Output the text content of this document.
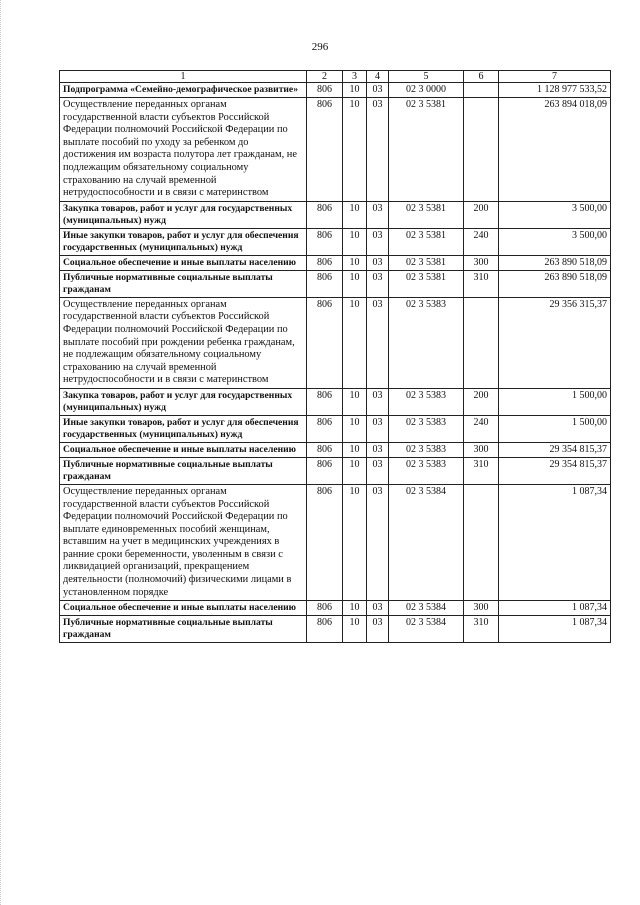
296
1	2	3	4	5	6	7
Подпрограмма «Семейно-демографическое развитие»	806	10	03	02 3 0000		1 128 977 533,52
Осуществление переданных органам государственной власти субъектов Российской Федерации полномочий Российской Федерации по выплате пособий по уходу за ребенком до достижения им возраста полутора лет гражданам, не подлежащим обязательному социальному страхованию на случай временной нетрудоспособности и в связи с материнством	806	10	03	02 3 5381		263 894 018,09
Закупка товаров, работ и услуг для государственных (муниципальных) нужд	806	10	03	02 3 5381	200	3 500,00
Иные закупки товаров, работ и услуг для обеспечения государственных (муниципальных) нужд	806	10	03	02 3 5381	240	3 500,00
Социальное обеспечение и иные выплаты населению	806	10	03	02 3 5381	300	263 890 518,09
Публичные нормативные социальные выплаты гражданам	806	10	03	02 3 5381	310	263 890 518,09
Осуществление переданных органам государственной власти субъектов Российской Федерации полномочий Российской Федерации по выплате пособий при рождении ребенка гражданам, не подлежащим обязательному социальному страхованию на случай временной нетрудоспособности и в связи с материнством	806	10	03	02 3 5383		29 356 315,37
Закупка товаров, работ и услуг для государственных (муниципальных) нужд	806	10	03	02 3 5383	200	1 500,00
Иные закупки товаров, работ и услуг для обеспечения государственных (муниципальных) нужд	806	10	03	02 3 5383	240	1 500,00
Социальное обеспечение и иные выплаты населению	806	10	03	02 3 5383	300	29 354 815,37
Публичные нормативные социальные выплаты гражданам	806	10	03	02 3 5383	310	29 354 815,37
Осуществление переданных органам государственной власти субъектов Российской Федерации полномочий Российской Федерации по выплате единовременных пособий женщинам, вставшим на учет в медицинских учреждениях в ранние сроки беременности, уволенным в связи с ликвидацией организаций, прекращением деятельности (полномочий) физическими лицами в установленном порядке	806	10	03	02 3 5384		1 087,34
Социальное обеспечение и иные выплаты населению	806	10	03	02 3 5384	300	1 087,34
Публичные нормативные социальные выплаты гражданам	806	10	03	02 3 5384	310	1 087,34
